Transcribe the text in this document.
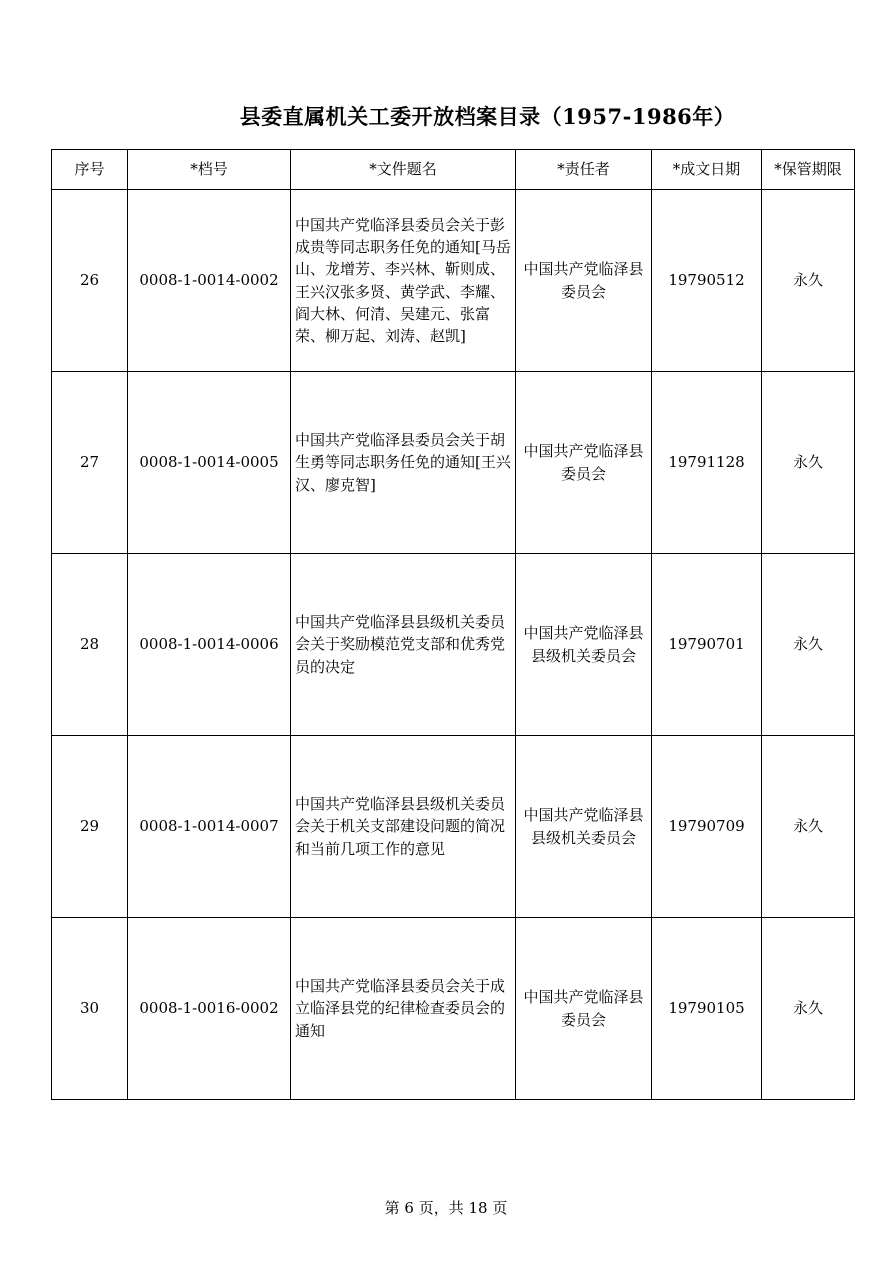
县委直属机关工委开放档案目录（1957-1986年）
序号	*档号	*文件题名	*责任者	*成文日期	*保管期限
26	0008-1-0014-0002	中国共产党临泽县委员会关于彭成贵等同志职务任免的通知[马岳山、龙增芳、李兴林、靳则成、王兴汉张多贤、黄学武、李耀、阎大林、何清、吴建元、张富荣、柳万起、刘涛、赵凯]	中国共产党临泽县委员会	19790512	永久
27	0008-1-0014-0005	中国共产党临泽县委员会关于胡生勇等同志职务任免的通知[王兴汉、廖克智]	中国共产党临泽县委员会	19791128	永久
28	0008-1-0014-0006	中国共产党临泽县县级机关委员会关于奖励模范党支部和优秀党员的决定	中国共产党临泽县县级机关委员会	19790701	永久
29	0008-1-0014-0007	中国共产党临泽县县级机关委员会关于机关支部建设问题的简况和当前几项工作的意见	中国共产党临泽县县级机关委员会	19790709	永久
30	0008-1-0016-0002	中国共产党临泽县委员会关于成立临泽县党的纪律检查委员会的通知	中国共产党临泽县委员会	19790105	永久
第 6 页，共 18 页
